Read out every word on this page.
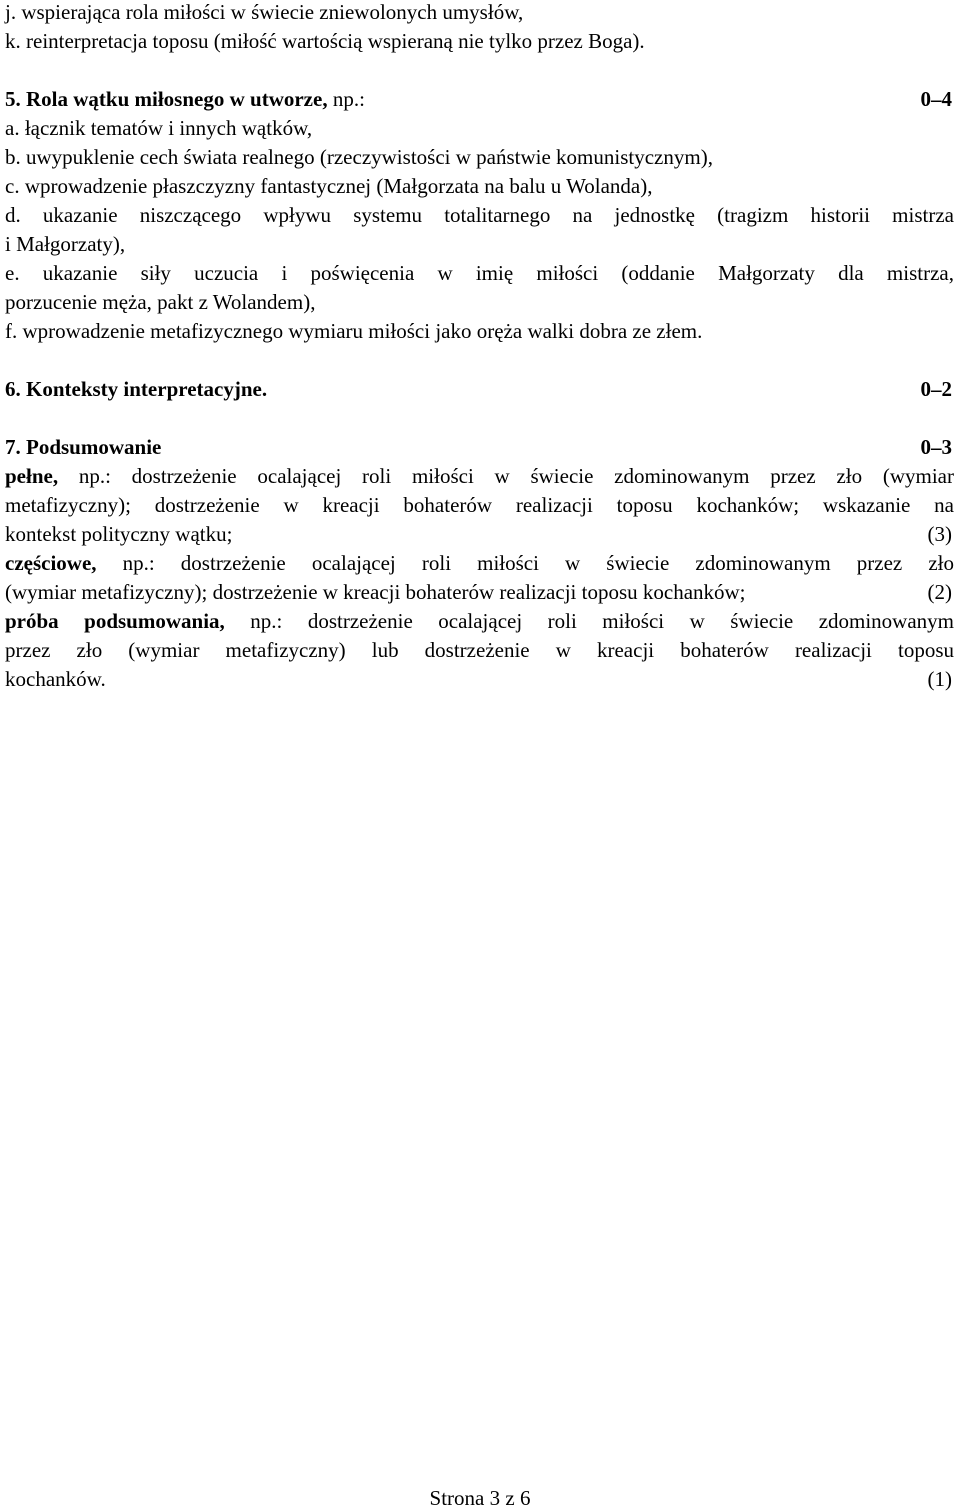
j. wspierająca rola miłości w świecie zniewolonych umysłów,
k. reinterpretacja toposu (miłość wartością wspieraną nie tylko przez Boga).
5. Rola wątku miłosnego w utworze, np.:	0–4
a. łącznik tematów i innych wątków,
b. uwypuklenie cech świata realnego (rzeczywistości w państwie komunistycznym),
c. wprowadzenie płaszczyzny fantastycznej (Małgorzata na balu u Wolanda),
d. ukazanie niszczącego wpływu systemu totalitarnego na jednostkę (tragizm historii mistrza
i Małgorzaty),
e. ukazanie siły uczucia i poświęcenia w imię miłości (oddanie Małgorzaty dla mistrza,
porzucenie męża, pakt z Wolandem),
f. wprowadzenie metafizycznego wymiaru miłości jako oręża walki dobra ze złem.
6. Konteksty interpretacyjne.	0–2
7. Podsumowanie	0–3
pełne, np.: dostrzeżenie ocalającej roli miłości w świecie zdominowanym przez zło (wymiar
metafizyczny); dostrzeżenie w kreacji bohaterów realizacji toposu kochanków; wskazanie na
kontekst polityczny wątku;	(3)
częściowe, np.: dostrzeżenie ocalającej roli miłości w świecie zdominowanym przez zło
(wymiar metafizyczny); dostrzeżenie w kreacji bohaterów realizacji toposu kochanków;	(2)
próba podsumowania, np.: dostrzeżenie ocalającej roli miłości w świecie zdominowanym
przez zło (wymiar metafizyczny) lub dostrzeżenie w kreacji bohaterów realizacji toposu
kochanków.	(1)
Strona 3 z 6
